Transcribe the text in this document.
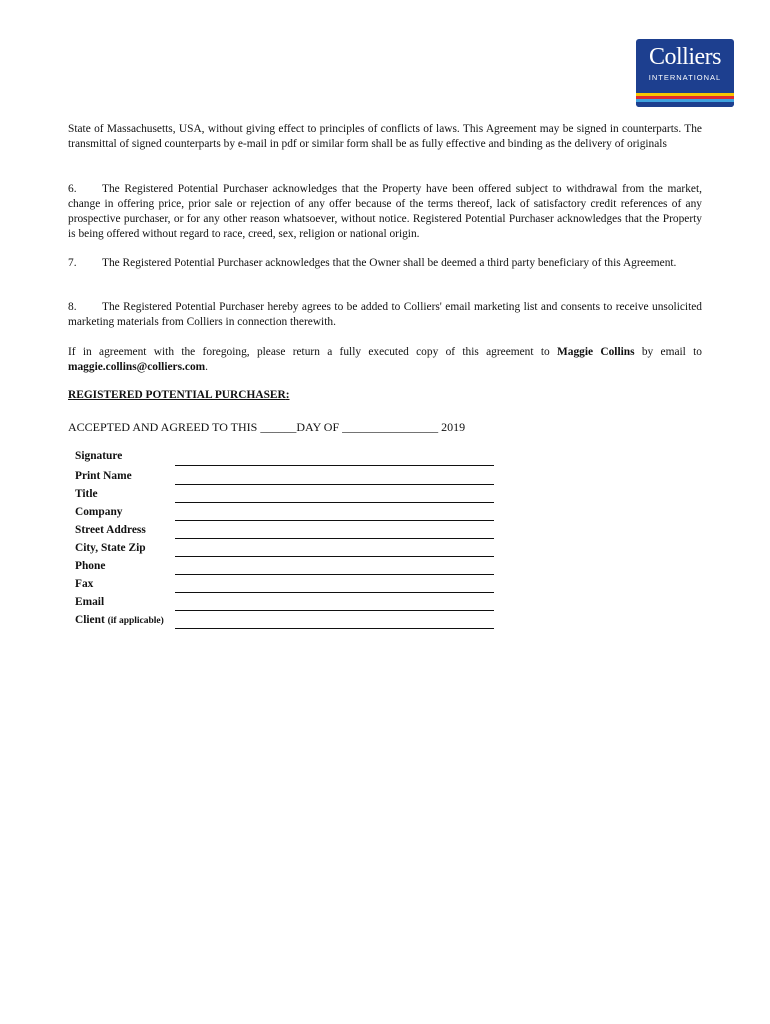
Colliers
INTERNATIONAL

State of Massachusetts, USA, without giving effect to principles of conflicts of laws. This Agreement may be signed in counterparts. The transmittal of signed counterparts by e-mail in pdf or similar form shall be as fully effective and binding as the delivery of originals

6. The Registered Potential Purchaser acknowledges that the Property have been offered subject to withdrawal from the market, change in offering price, prior sale or rejection of any offer because of the terms thereof, lack of satisfactory credit references of any prospective purchaser, or for any other reason whatsoever, without notice. Registered Potential Purchaser acknowledges that the Property is being offered without regard to race, creed, sex, religion or national origin.

7. The Registered Potential Purchaser acknowledges that the Owner shall be deemed a third party beneficiary of this Agreement.

8. The Registered Potential Purchaser hereby agrees to be added to Colliers' email marketing list and consents to receive unsolicited marketing materials from Colliers in connection therewith.

If in agreement with the foregoing, please return a fully executed copy of this agreement to Maggie Collins by email to maggie.collins@colliers.com.

REGISTERED POTENTIAL PURCHASER:
ACCEPTED AND AGREED TO THIS ______DAY OF ________________ 2019
Signature
Print Name
Title
Company
Street Address
City, State Zip
Phone
Fax
Email
Client (if applicable)
